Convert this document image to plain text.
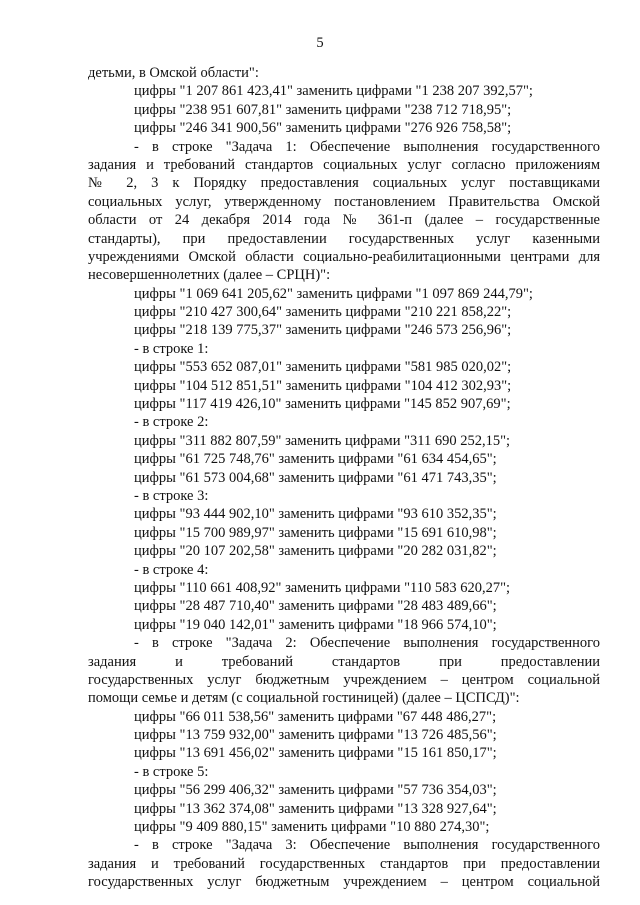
5
детьми, в Омской области":
цифры "1 207 861 423,41" заменить цифрами "1 238 207 392,57";
цифры "238 951 607,81" заменить цифрами "238 712 718,95";
цифры "246 341 900,56" заменить цифрами "276 926 758,58";
- в строке "Задача 1: Обеспечение выполнения государственного
задания и требований стандартов социальных услуг согласно приложениям
№ 2, 3 к Порядку предоставления социальных услуг поставщиками
социальных услуг, утвержденному постановлением Правительства Омской
области от 24 декабря 2014 года № 361-п (далее – государственные
стандарты), при предоставлении государственных услуг казенными
учреждениями Омской области социально-реабилитационными центрами для
несовершеннолетних (далее – СРЦН)":
цифры "1 069 641 205,62" заменить цифрами "1 097 869 244,79";
цифры "210 427 300,64" заменить цифрами "210 221 858,22";
цифры "218 139 775,37" заменить цифрами "246 573 256,96";
- в строке 1:
цифры "553 652 087,01" заменить цифрами "581 985 020,02";
цифры "104 512 851,51" заменить цифрами "104 412 302,93";
цифры "117 419 426,10" заменить цифрами "145 852 907,69";
- в строке 2:
цифры "311 882 807,59" заменить цифрами "311 690 252,15";
цифры "61 725 748,76" заменить цифрами "61 634 454,65";
цифры "61 573 004,68" заменить цифрами "61 471 743,35";
- в строке 3:
цифры "93 444 902,10" заменить цифрами "93 610 352,35";
цифры "15 700 989,97" заменить цифрами "15 691 610,98";
цифры "20 107 202,58" заменить цифрами "20 282 031,82";
- в строке 4:
цифры "110 661 408,92" заменить цифрами "110 583 620,27";
цифры "28 487 710,40" заменить цифрами "28 483 489,66";
цифры "19 040 142,01" заменить цифрами "18 966 574,10";
- в строке "Задача 2: Обеспечение выполнения государственного
задания и требований стандартов при предоставлении
государственных услуг бюджетным учреждением – центром социальной
помощи семье и детям (с социальной гостиницей) (далее – ЦСПСД)":
цифры "66 011 538,56" заменить цифрами "67 448 486,27";
цифры "13 759 932,00" заменить цифрами "13 726 485,56";
цифры "13 691 456,02" заменить цифрами "15 161 850,17";
- в строке 5:
цифры "56 299 406,32" заменить цифрами "57 736 354,03";
цифры "13 362 374,08" заменить цифрами "13 328 927,64";
цифры "9 409 880,15" заменить цифрами "10 880 274,30";
- в строке "Задача 3: Обеспечение выполнения государственного
задания и требований государственных стандартов при предоставлении
государственных услуг бюджетным учреждением – центром социальной
